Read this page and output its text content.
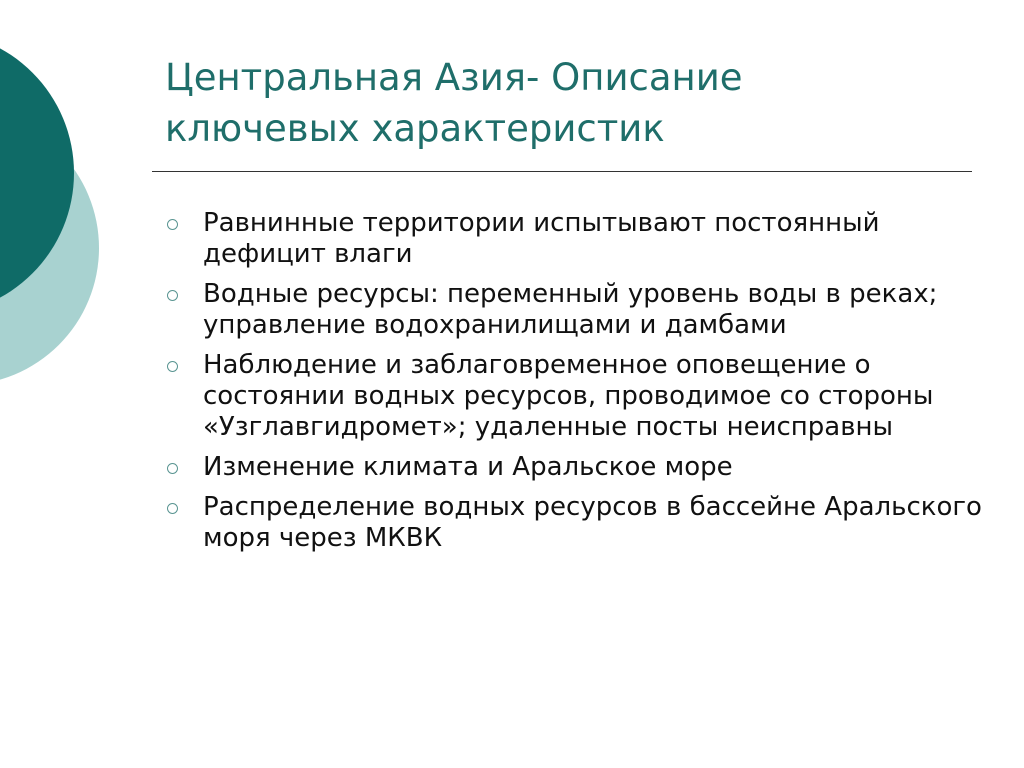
Центральная Азия- Описание
ключевых характеристик
Равнинные территории испытывают постоянный дефицит влаги
Водные ресурсы: переменный уровень воды в реках; управление водохранилищами и дамбами
Наблюдение и заблаговременное оповещение о состоянии водных ресурсов, проводимое со стороны «Узглавгидромет»; удаленные посты неисправны
Изменение климата и Аральское море
Распределение водных ресурсов в бассейне Аральского моря через МКВК
